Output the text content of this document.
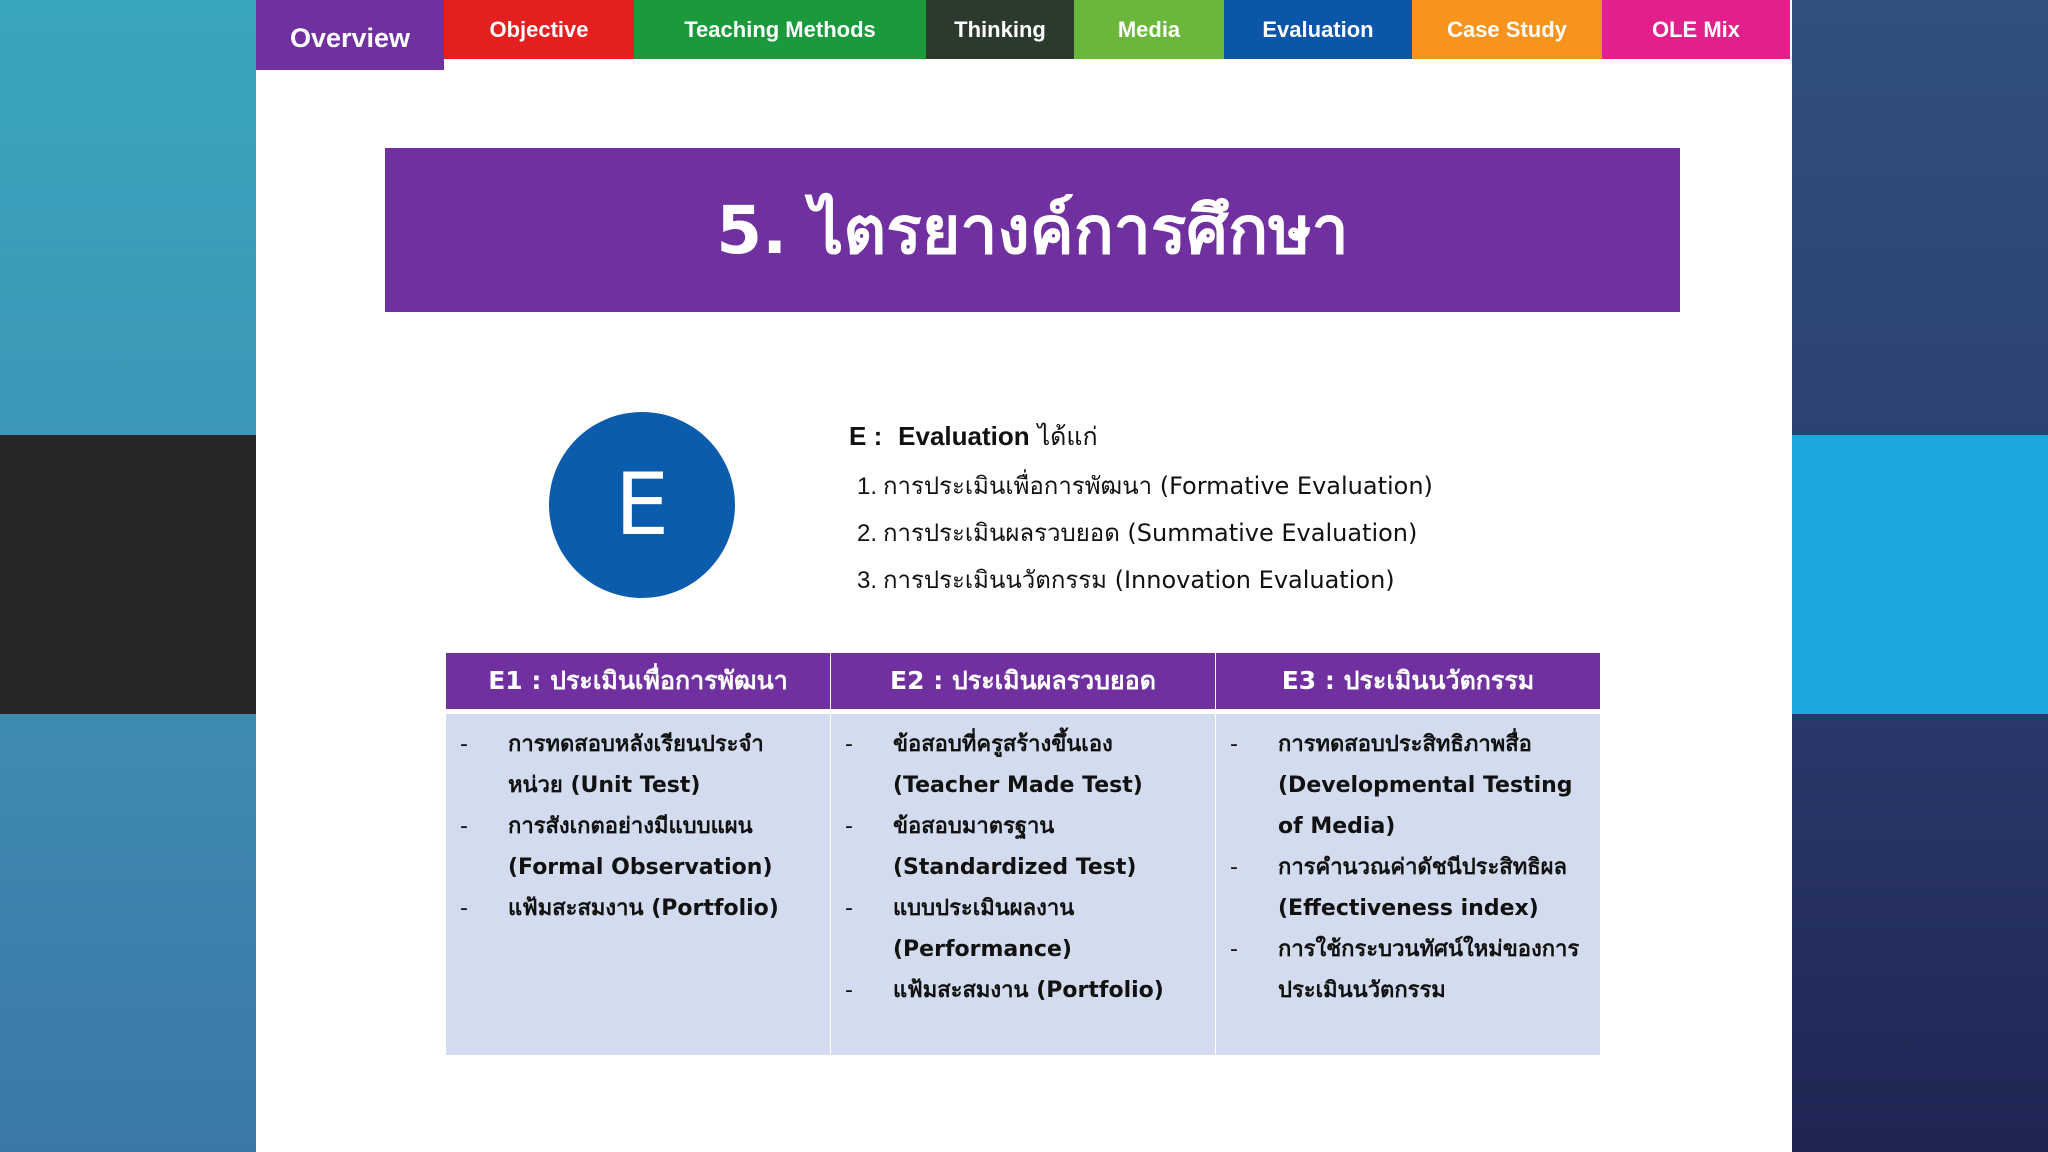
Overview	Objective	Teaching Methods	Thinking	Media	Evaluation	Case Study	OLE Mix
5. ไตรยางค์การศึกษา
E
E : Evaluation ได้แก่
1. การประเมินเพื่อการพัฒนา (Formative Evaluation)
2. การประเมินผลรวบยอด (Summative Evaluation)
3. การประเมินนวัตกรรม (Innovation Evaluation)
E1 : ประเมินเพื่อการพัฒนา
-	การทดสอบหลังเรียนประจำหน่วย (Unit Test)
-	การสังเกตอย่างมีแบบแผน (Formal Observation)
-	แฟ้มสะสมงาน (Portfolio)
E2 : ประเมินผลรวบยอด
-	ข้อสอบที่ครูสร้างขึ้นเอง (Teacher Made Test)
-	ข้อสอบมาตรฐาน (Standardized Test)
-	แบบประเมินผลงาน (Performance)
-	แฟ้มสะสมงาน (Portfolio)
E3 : ประเมินนวัตกรรม
-	การทดสอบประสิทธิภาพสื่อ (Developmental Testing of Media)
-	การคำนวณค่าดัชนีประสิทธิผล (Effectiveness index)
-	การใช้กระบวนทัศน์ใหม่ของการประเมินนวัตกรรม
